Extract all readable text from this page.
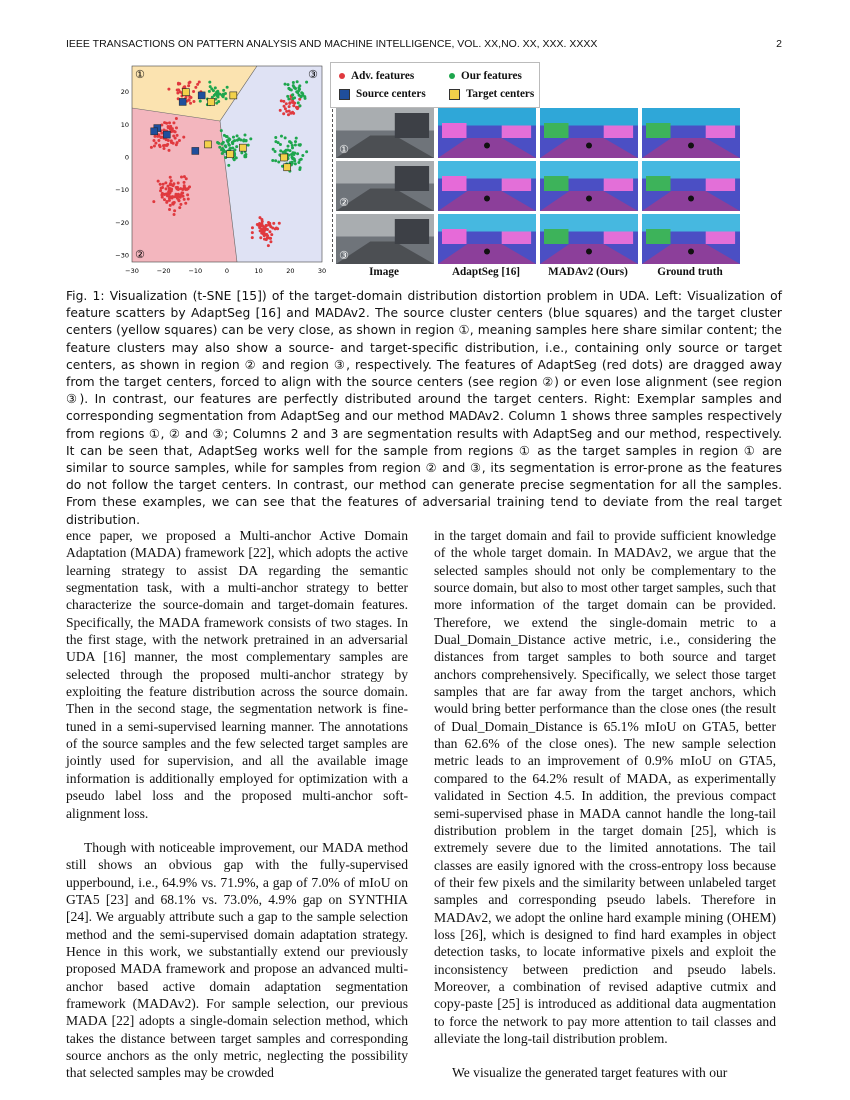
IEEE TRANSACTIONS ON PATTERN ANALYSIS AND MACHINE INTELLIGENCE, VOL. XX,NO. XX, XXX. XXXX	2
①
②
③
−30	−20	−10	0	10	20	30
20
10
0
−10
−20
−30
Adv. features	Our features
Source centers	Target centers
①
②
③
Image	AdaptSeg [16]	MADAv2 (Ours)	Ground truth
Fig. 1: Visualization (t-SNE [15]) of the target-domain distribution distortion problem in UDA. Left: Visualization of feature scatters by AdaptSeg [16] and MADAv2. The source cluster centers (blue squares) and the target cluster centers (yellow squares) can be very close, as shown in region ①, meaning samples here share similar content; the feature clusters may also show a source- and target-specific distribution, i.e., containing only source or target centers, as shown in region ② and region ③, respectively. The features of AdaptSeg (red dots) are dragged away from the target centers, forced to align with the source centers (see region ②) or even lose alignment (see region ③). In contrast, our features are perfectly distributed around the target centers. Right: Exemplar samples and corresponding segmentation from AdaptSeg and our method MADAv2. Column 1 shows three samples respectively from regions ①, ② and ③; Columns 2 and 3 are segmentation results with AdaptSeg and our method, respectively. It can be seen that, AdaptSeg works well for the sample from regions ① as the target samples in region ① are similar to source samples, while for samples from region ② and ③, its segmentation is error-prone as the features do not follow the target centers. In contrast, our method can generate precise segmentation for all the samples. From these examples, we can see that the features of adversarial training tend to deviate from the real target distribution.

ence paper, we proposed a Multi-anchor Active Domain Adaptation (MADA) framework [22], which adopts the active learning strategy to assist DA regarding the semantic segmentation task, with a multi-anchor strategy to better characterize the source-domain and target-domain features. Specifically, the MADA framework consists of two stages. In the first stage, with the network pretrained in an adversarial UDA [16] manner, the most complementary samples are selected through the proposed multi-anchor strategy by exploiting the feature distribution across the source domain. Then in the second stage, the segmentation network is fine-tuned in a semi-supervised learning manner. The annotations of the source samples and the few selected target samples are jointly used for supervision, and all the available image information is additionally employed for optimization with a pseudo label loss and the proposed multi-anchor soft-alignment loss.

Though with noticeable improvement, our MADA method still shows an obvious gap with the fully-supervised upperbound, i.e., 64.9% vs. 71.9%, a gap of 7.0% of mIoU on GTA5 [23] and 68.1% vs. 73.0%, 4.9% gap on SYNTHIA [24]. We arguably attribute such a gap to the sample selection method and the semi-supervised domain adaptation strategy. Hence in this work, we substantially extend our previously proposed MADA framework and propose an advanced multi-anchor based active domain adaptation segmentation framework (MADAv2). For sample selection, our previous MADA [22] adopts a single-domain selection method, which takes the distance between target samples and corresponding source anchors as the only metric, neglecting the possibility that selected samples may be crowded

in the target domain and fail to provide sufficient knowledge of the whole target domain. In MADAv2, we argue that the selected samples should not only be complementary to the source domain, but also to most other target samples, such that more information of the target domain can be provided. Therefore, we extend the single-domain metric to a Dual_Domain_Distance active metric, i.e., considering the distances from target samples to both source and target anchors comprehensively. Specifically, we select those target samples that are far away from the target anchors, which would bring better performance than the close ones (the result of Dual_Domain_Distance is 65.1% mIoU on GTA5, better than 62.6% of the close ones). The new sample selection metric leads to an improvement of 0.9% mIoU on GTA5, compared to the 64.2% result of MADA, as experimentally validated in Section 4.5. In addition, the previous compact semi-supervised phase in MADA cannot handle the long-tail distribution problem in the target domain [25], which is extremely severe due to the limited annotations. The tail classes are easily ignored with the cross-entropy loss because of their few pixels and the similarity between unlabeled target samples and corresponding pseudo labels. Therefore in MADAv2, we adopt the online hard example mining (OHEM) loss [26], which is designed to find hard examples in object detection tasks, to locate informative pixels and exploit the inconsistency between prediction and pseudo labels. Moreover, a combination of revised adaptive cutmix and copy-paste [25] is introduced as additional data augmentation to force the network to pay more attention to tail classes and alleviate the long-tail distribution problem.

We visualize the generated target features with our
